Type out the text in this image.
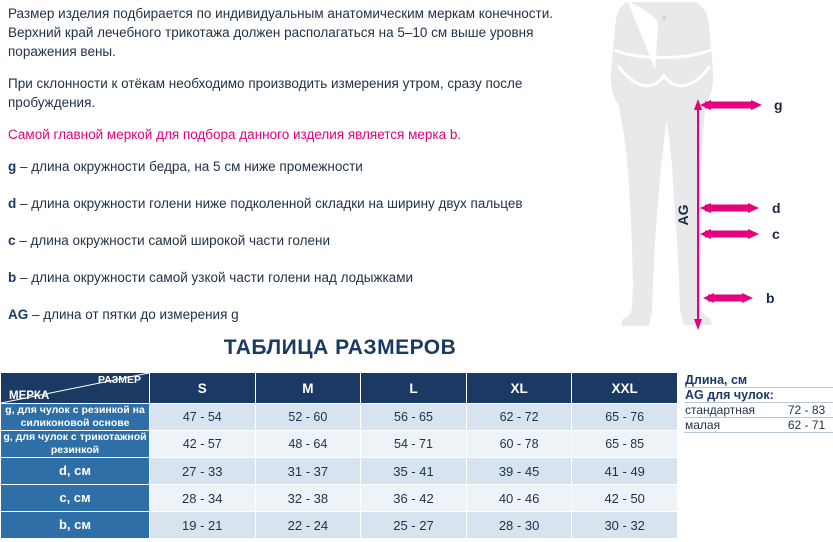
Размер изделия подбирается по индивидуальным анатомическим меркам конечности. Верхний край лечебного трикотажа должен располагаться на 5–10 см выше уровня поражения вены.

При склонности к отёкам необходимо производить измерения утром, сразу после пробуждения.

Самой главной меркой для подбора данного изделия является мерка b.

g – длина окружности бедра, на 5 см ниже промежности

d – длина окружности голени ниже подколенной складки на ширину двух пальцев

c – длина окружности самой широкой части голени

b – длина окружности самой узкой части голени над лодыжками

AG – длина от пятки до измерения g

AG
g
d
c
b
ТАБЛИЦА РАЗМЕРОВ
РАЗМЕР
МЕРКА	S	M	L	XL	XXL
g, для чулок с резинкой на силиконовой основе	47 - 54	52 - 60	56 - 65	62 - 72	65 - 76
g, для чулок с трикотажной резинкой	42 - 57	48 - 64	54 - 71	60 - 78	65 - 85
d, см	27 - 33	31 - 37	35 - 41	39 - 45	41 - 49
c, см	28 - 34	32 - 38	36 - 42	40 - 46	42 - 50
b, см	19 - 21	22 - 24	25 - 27	28 - 30	30 - 32
Длина, см	
AG для чулок:	
стандартная	72 - 83
малая	62 - 71
